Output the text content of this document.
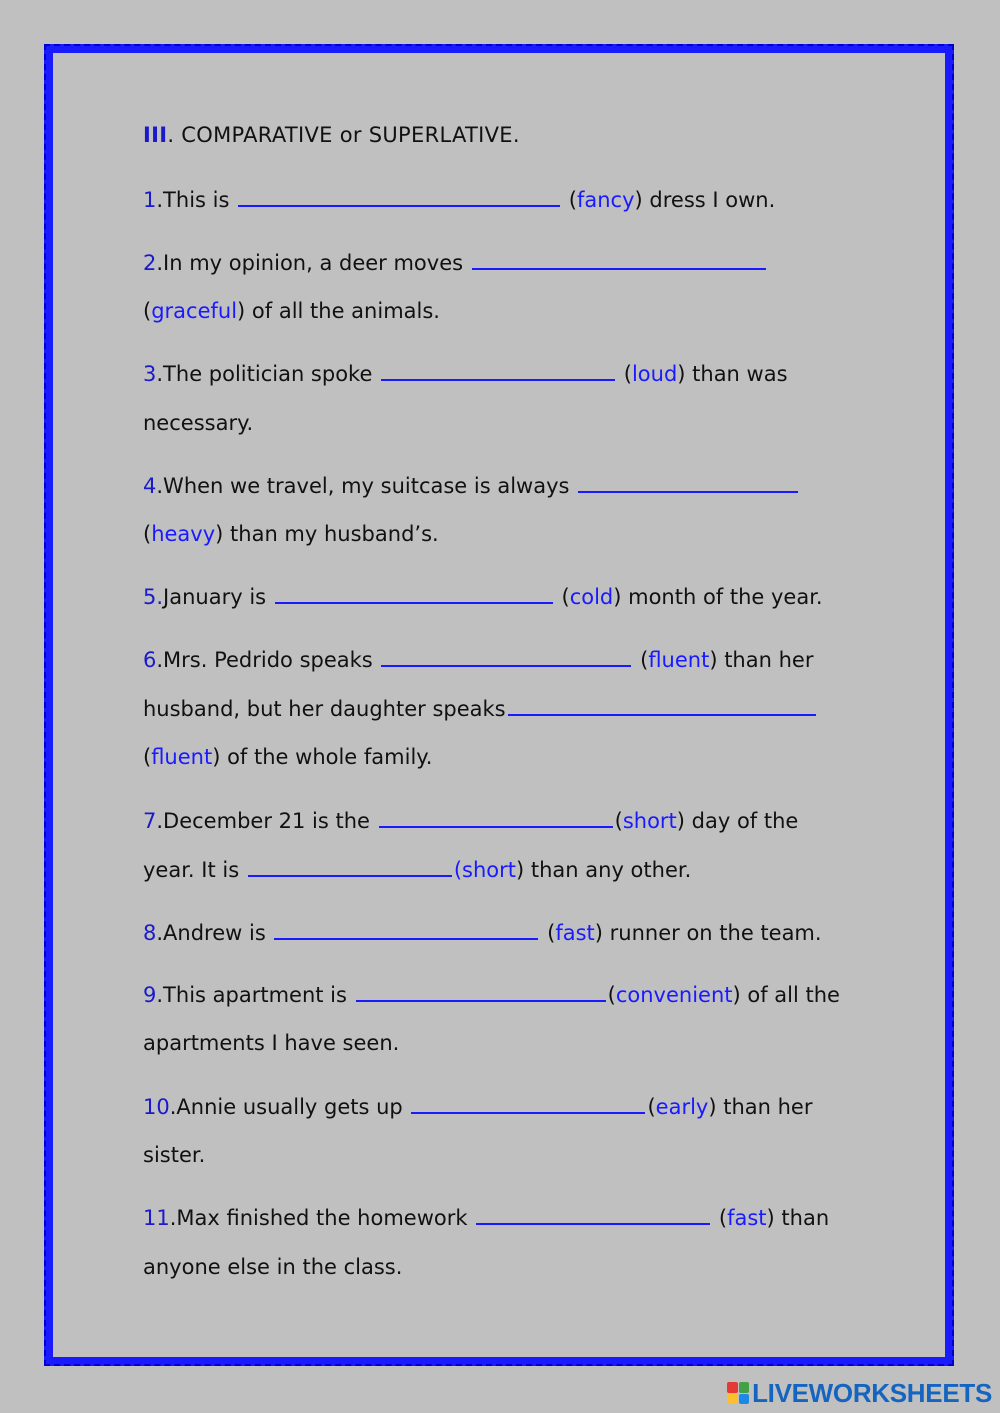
III. COMPARATIVE or SUPERLATIVE.
1.This is	(fancy) dress I own.
2.In my opinion, a deer moves
(graceful) of all the animals.
3.The politician spoke	(loud) than was
necessary.
4.When we travel, my suitcase is always
(heavy) than my husband’s.
5.January is	(cold) month of the year.
6.Mrs. Pedrido speaks	(fluent) than her
husband, but her daughter speaks
(fluent) of the whole family.
7.December 21 is the	(short) day of the
year. It is	(short) than any other.
8.Andrew is	(fast) runner on the team.
9.This apartment is	(convenient) of all the
apartments I have seen.
10.Annie usually gets up	(early) than her
sister.
11.Max finished the homework	(fast) than
anyone else in the class.
LIVEWORKSHEETS
